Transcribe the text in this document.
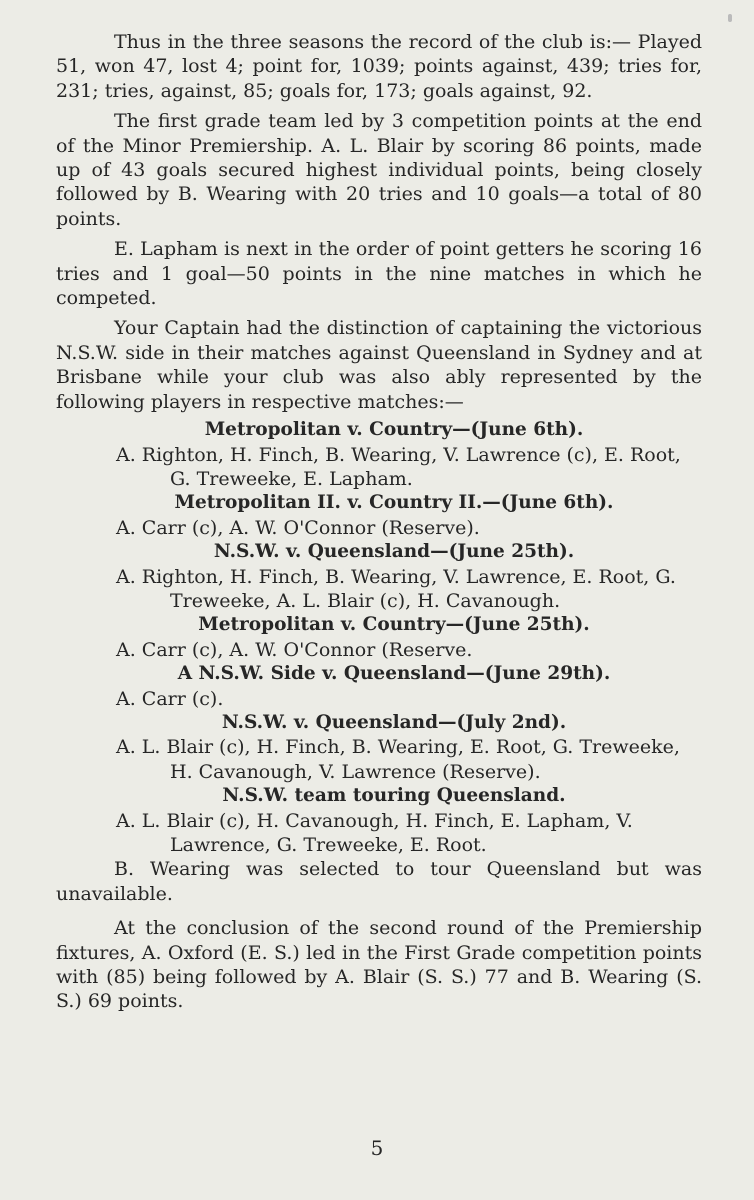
Thus in the three seasons the record of the club is:— Played 51, won 47, lost 4; point for, 1039; points against, 439; tries for, 231; tries, against, 85; goals for, 173; goals against, 92.

The first grade team led by 3 competition points at the end of the Minor Premiership. A. L. Blair by scoring 86 points, made up of 43 goals secured highest individual points, being closely followed by B. Wearing with 20 tries and 10 goals—a total of 80 points.

E. Lapham is next in the order of point getters he scoring 16 tries and 1 goal—50 points in the nine matches in which he competed.

Your Captain had the distinction of captaining the victorious N.S.W. side in their matches against Queensland in Sydney and at Brisbane while your club was also ably represented by the following players in respective matches:—

Metropolitan v. Country—(June 6th).
A. Righton, H. Finch, B. Wearing, V. Lawrence (c), E. Root, G. Treweeke, E. Lapham.
Metropolitan II. v. Country II.—(June 6th).
A. Carr (c), A. W. O'Connor (Reserve).
N.S.W. v. Queensland—(June 25th).
A. Righton, H. Finch, B. Wearing, V. Lawrence, E. Root, G. Treweeke, A. L. Blair (c), H. Cavanough.
Metropolitan v. Country—(June 25th).
A. Carr (c), A. W. O'Connor (Reserve.
A N.S.W. Side v. Queensland—(June 29th).
A. Carr (c).
N.S.W. v. Queensland—(July 2nd).
A. L. Blair (c), H. Finch, B. Wearing, E. Root, G. Treweeke, H. Cavanough, V. Lawrence (Reserve).
N.S.W. team touring Queensland.
A. L. Blair (c), H. Cavanough, H. Finch, E. Lapham, V. Lawrence, G. Treweeke, E. Root.

B. Wearing was selected to tour Queensland but was unavailable.

At the conclusion of the second round of the Premiership fixtures, A. Oxford (E. S.) led in the First Grade competition points with (85) being followed by A. Blair (S. S.) 77 and B. Wearing (S. S.) 69 points.

5
